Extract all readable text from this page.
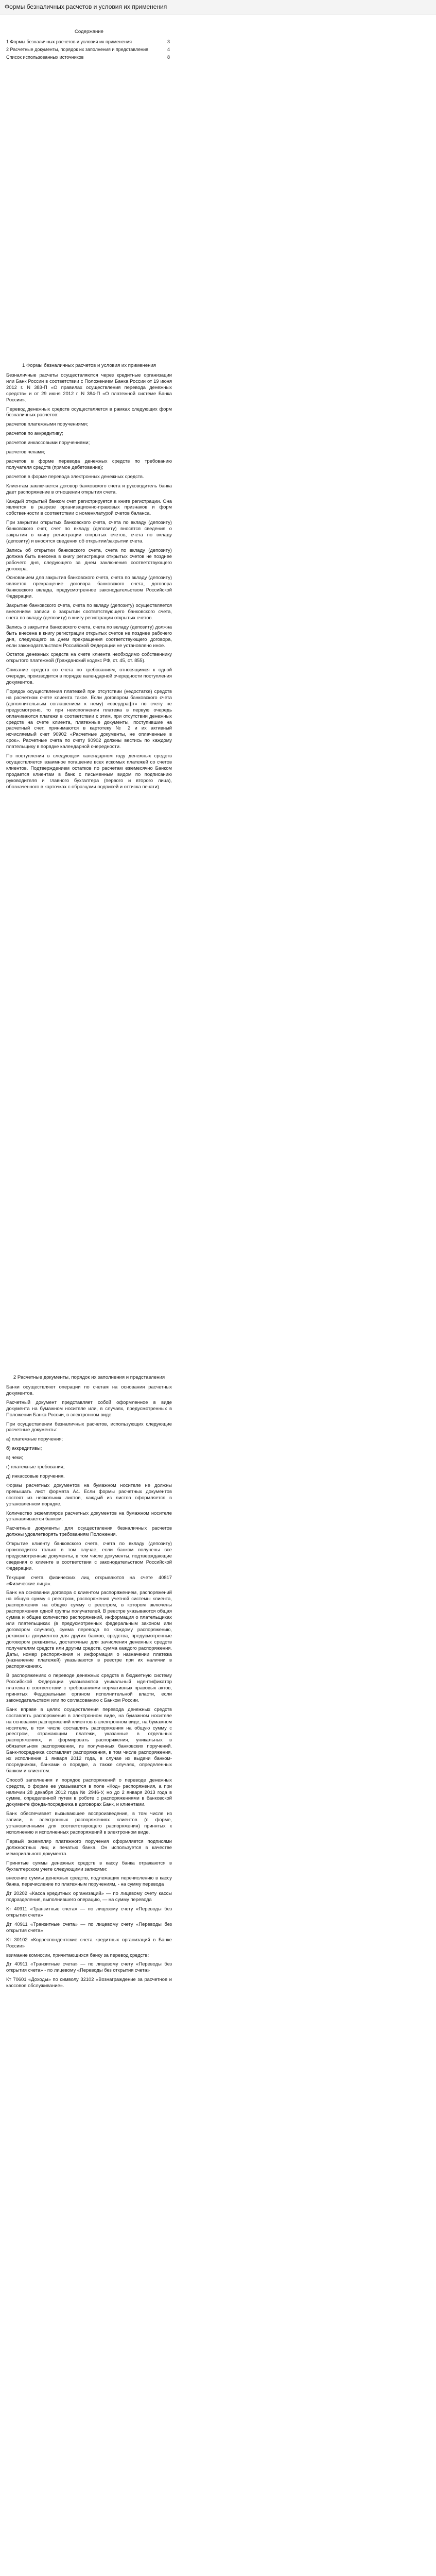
Формы безналичных расчетов и условия их применения
Содержание
1 Формы безналичных расчетов и условия их применения	3
2 Расчетные документы, порядок их заполнения и представления	4
Список использованных источников	8
1 Формы безналичных расчетов и условия их применения

Безналичные расчеты осуществляются через кредитные организации или Банк России в соответствии с Положением Банка России от 19 июня 2012 г. N 383-П «О правилах осуществления перевода денежных средств» и от 29 июня 2012 г. N 384-П «О платежной системе Банка России».

Перевод денежных средств осуществляется в рамках следующих форм безналичных расчетов:

расчетов платежными поручениями;

расчетов по аккредитиву;

расчетов инкассовыми поручениями;

расчетов чеками;

расчетов в форме перевода денежных средств по требованию получателя средств (прямое дебетование);

расчетов в форме перевода электронных денежных средств.

Клиентам заключается договор банковского счета и руководитель банка дает распоряжение в отношении открытия счета.

Каждый открытый банком счет регистрируется в книге регистрации. Она является в разрезе организационно-правовых признаков и форм собственности в соответствии с номенклатурой счетов баланса.

При закрытии открытых банковского счета, счета по вкладу (депозиту) банковского счет, счет по вкладу (депозиту) вносятся сведения о закрытии в книгу регистрации открытых счетов, счета по вкладу (депозиту) и вносятся сведения об открытии/закрытии счета.

Запись об открытии банковского счета, счета по вкладу (депозиту) должна быть внесена в книгу регистрации открытых счетов не позднее рабочего дня, следующего за днем заключения соответствующего договора.

Основанием для закрытия банковского счета, счета по вкладу (депозиту) является прекращение договора банковского счета, договора банковского вклада, предусмотренное законодательством Российской Федерации.

Закрытие банковского счета, счета по вкладу (депозиту) осуществляется внесением записи о закрытии соответствующего банковского счета, счета по вкладу (депозиту) в книгу регистрации открытых счетов.

Запись о закрытии банковского счета, счета по вкладу (депозиту) должна быть внесена в книгу регистрации открытых счетов не позднее рабочего дня, следующего за днем прекращения соответствующего договора, если законодательством Российской Федерации не установлено иное.

Остаток денежных средств на счете клиента необходимо собственнику открытого платежной (Гражданский кодекс РФ, ст. 45, ст. 855).

Списание средств со счета по требованиям, относящимся к одной очереди, производится в порядке календарной очередности поступления документов.

Порядок осуществления платежей при отсутствии (недостатке) средств на расчетном счете клиента такое. Если договором банковского счета (дополнительным соглашением к нему) «овердрафт» по счету не предусмотрено, то при неисполнении платежа в первую очередь оплачиваются платежи в соответствии с этим, при отсутствии денежных средств на счете клиента, платежные документы, поступившие на расчетный счет, принимаются в картотеку № 2 и их активный исчисляемый счет 90902 «Расчетные документы, не оплаченные в срок». Расчетные счета по счету 90902 должны вестись по каждому плательщику в порядке календарной очередности.

По поступлении в следующем календарном году денежных средств осуществляется взаимное погашение всех искомых платежей со счетов клиентов. Подтверждением остатков по расчетам ежемесячно Банком продается клиентам в банк с письменным видом по подписанию руководителя и главного бухгалтера (первого и второго лица), обозначенного в карточках с образцами подписей и оттиска печати).

2 Расчетные документы, порядок их заполнения и представления

Банки осуществляют операции по счетам на основании расчетных документов.

Расчетный документ представляет собой оформленное в виде документа на бумажном носителе или, в случаях, предусмотренных в Положении Банка России, в электронном виде:

При осуществлении безналичных расчетов, использующих следующие расчетные документы:

а) платежные поручения;

б) аккредитивы;

в) чеки;

г) платежные требования;

д) инкассовые поручения.

Формы расчетных документов на бумажном носителе не должны превышать лист формата A4. Если формы расчетных документов состоят из нескольких листов, каждый из листов оформляется в установленном порядке.

Количество экземпляров расчетных документов на бумажном носителе устанавливается банком.

Расчетные документы для осуществления безналичных расчетов должны удовлетворять требованиям Положения.

Открытие клиенту банковского счета, счета по вкладу (депозиту) производится только в том случае, если банком получены все предусмотренные документы, в том числе документы, подтверждающие сведения о клиенте в соответствии с законодательством Российской Федерации.

Текущие счета физических лиц открываются на счете 40817 «Физические лица».

Банк на основании договора с клиентом распоряжением, распоряжений на общую сумму с реестром, распоряжения учетной системы клиента, распоряжения на общую сумму с реестром, в котором включены распоряжения одной группы получателей. В реестре указываются общая сумма и общее количество распоряжений, информация о плательщиках или плательщиках (в предусмотренных федеральным законом или договором случаях), сумма перевода по каждому распоряжению, реквизиты документов для других банков, средства, предусмотренные договором реквизиты, достаточные для зачисления денежных средств получателям средств или другим средств, сумма каждого распоряжения. Даты, номер распоряжения и информация о назначении платежа (назначение платежей) указываются в реестре при их наличии в распоряжениях.

В распоряжениях о переводе денежных средств в бюджетную систему Российской Федерации указываются уникальный идентификатор платежа в соответствии с требованиями нормативных правовых актов, принятых Федеральным органом исполнительной власти, если законодательством или по согласованию с Банком России.

Банк вправе в целях осуществления перевода денежных средств составлять распоряжения в электронном виде, на бумажном носителе на основании распоряжений клиентов в электронном виде, на бумажном носителе, в том числе составлять распоряжения на общую сумму с реестром, отражающим платежи, указанные в отдельных распоряжениях, и формировать распоряжения, уникальных в обязательном распоряжении, из полученных банковских поручений. Банк-посредника составляет распоряжения, в том числе распоряжения, их исполнение 1 января 2012 года, в случае их выдачи банком-посредником, банками о порядке, а также случаях, определенных банком и клиентом.

Способ заполнения и порядок распоряжений о переводе денежных средств, о форме ее указывается в поле «Код» распоряжения, а при наличии 28 декабря 2012 года № 2946-У, но до 2 января 2013 года в сумме, определенной путем в роботе с распоряжениями в банковской документе фонда-посредника в договорах Банк, и клиентами.

Банк обеспечивает вызывающее воспроизведение, в том числе из записи, в электронных распоряжениях клиентов (с форме, установленными для соответствующего распоряжения) принятых к исполнению и исполненных распоряжений в электронном виде.

Первый экземпляр платежного поручения оформляется подписями должностных лиц и печатью банка. Он используется в качестве мемориального документа.

Принятые суммы денежных средств в кассу банка отражаются в бухгалтерском учете следующими записями:

внесение суммы денежных средств, подлежащих перечислению в кассу банка, перечисление по платежным поручениям, - на сумму перевода

Дт 20202 «Касса кредитных организаций» — по лицевому счету кассы подразделения, выполнившего операцию, — на сумму перевода

Кт 40911 «Транзитные счета» — по лицевому счету «Переводы без открытия счета»

Дт 40911 «Транзитные счета» — по лицевому счету «Переводы без открытия счета»

Кт 30102 «Корреспондентские счета кредитных организаций в Банке России»

взимание комиссии, причитающихся банку за перевод средств:

Дт 40911 «Транзитные счета» — по лицевому счету «Переводы без открытия счета» - по лицевому «Переводы без открытия счета»

Кт 70601 «Доходы» по символу 32102 «Вознаграждение за расчетное и кассовое обслуживание».
